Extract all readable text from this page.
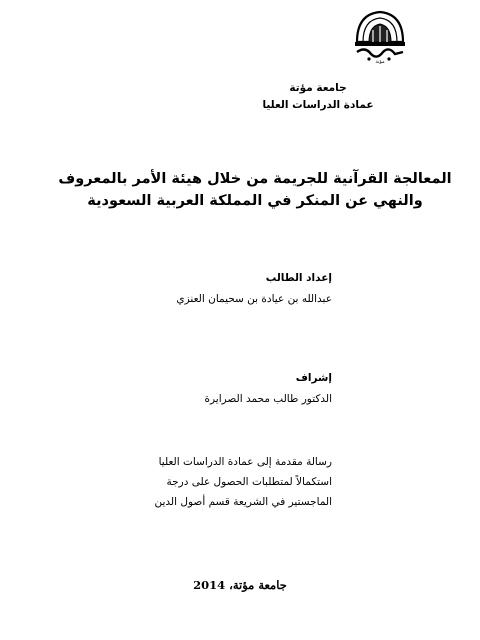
مؤتة
جامعة مؤتة
عمادة الدراسات العليا
المعالجة القرآنية للجريمة من خلال هيئة الأمر بالمعروف
والنهي عن المنكر في المملكة العربية السعودية
إعداد الطالب
عبدالله بن عيادة بن سحيمان العنزي
إشراف
الدكتور طالب محمد الصرايرة
رسالة مقدمة إلى عمادة الدراسات العليا
استكمالاً لمتطلبات الحصول على درجة
الماجستير في الشريعة قسم أصول الدين
جامعة مؤتة، 2014
